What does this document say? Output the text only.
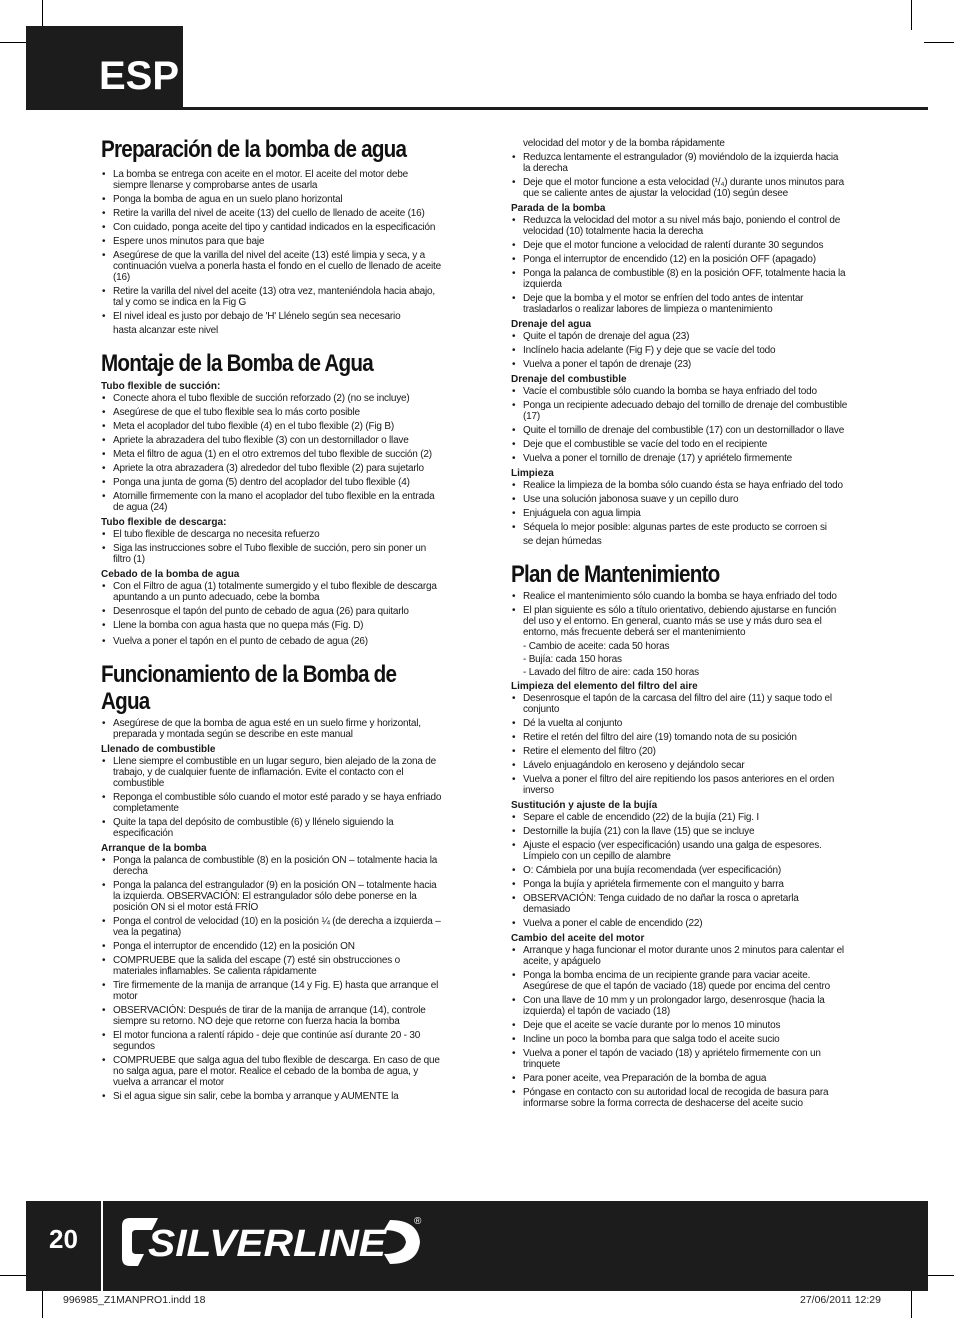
ESP
Preparación de la bomba de agua
• La bomba se entrega con aceite en el motor. El aceite del motor debe siempre llenarse y comprobarse antes de usarla
• Ponga la bomba de agua en un suelo plano horizontal
• Retire la varilla del nivel de aceite (13) del cuello de llenado de aceite (16)
• Con cuidado, ponga aceite del tipo y cantidad indicados en la especificación
• Espere unos minutos para que baje
• Asegúrese de que la varilla del nivel del aceite (13) esté limpia y seca, y a continuación vuelva a ponerla hasta el fondo en el cuello de llenado de aceite (16)
• Retire la varilla del nivel del aceite (13) otra vez, manteniéndola hacia abajo, tal y como se indica en la Fig G
• El nivel ideal es justo por debajo de 'H' Llénelo según sea necesario
hasta alcanzar este nivel
Montaje de la Bomba de Agua
Tubo flexible de succión:
• Conecte ahora el tubo flexible de succión reforzado (2) (no se incluye)
• Asegúrese de que el tubo flexible sea lo más corto posible
• Meta el acoplador del tubo flexible (4) en el tubo flexible (2) (Fig B)
• Apriete la abrazadera del tubo flexible (3) con un destornillador o llave
• Meta el filtro de agua (1) en el otro extremos del tubo flexible de succión (2)
• Apriete la otra abrazadera (3) alrededor del tubo flexible (2) para sujetarlo
• Ponga una junta de goma (5) dentro del acoplador del tubo flexible (4)
• Atornille firmemente con la mano el acoplador del tubo flexible en la entrada de agua (24)
Tubo flexible de descarga:
• El tubo flexible de descarga no necesita refuerzo
• Siga las instrucciones sobre el Tubo flexible de succión, pero sin poner un filtro (1)
Cebado de la bomba de agua
• Con el Filtro de agua (1) totalmente sumergido y el tubo flexible de descarga apuntando a un punto adecuado, cebe la bomba
• Desenrosque el tapón del punto de cebado de agua (26) para quitarlo
• Llene la bomba con agua hasta que no quepa más (Fig. D)
• Vuelva a poner el tapón en el punto de cebado de agua (26)
Funcionamiento de la Bomba de Agua
• Asegúrese de que la bomba de agua esté en un suelo firme y horizontal, preparada y montada según se describe en este manual
Llenado de combustible
• Llene siempre el combustible en un lugar seguro, bien alejado de la zona de trabajo, y de cualquier fuente de inflamación. Evite el contacto con el combustible
• Reponga el combustible sólo cuando el motor esté parado y se haya enfriado completamente
• Quite la tapa del depósito de combustible (6) y llénelo siguiendo la especificación
Arranque de la bomba
• Ponga la palanca de combustible (8) en la posición ON – totalmente hacia la derecha
• Ponga la palanca del estrangulador (9) en la posición ON – totalmente hacia la izquierda. OBSERVACIÓN: El estrangulador sólo debe ponerse en la posición ON si el motor está FRÍO
• Ponga el control de velocidad (10) en la posición ¼ (de derecha a izquierda – vea la pegatina)
• Ponga el interruptor de encendido (12) en la posición ON
• COMPRUEBE que la salida del escape (7) esté sin obstrucciones o materiales inflamables. Se calienta rápidamente
• Tire firmemente de la manija de arranque (14 y Fig. E) hasta que arranque el motor
• OBSERVACIÓN: Después de tirar de la manija de arranque (14), controle siempre su retorno. NO deje que retorne con fuerza hacia la bomba
• El motor funciona a ralentí rápido - deje que continúe así durante 20 - 30 segundos
• COMPRUEBE que salga agua del tubo flexible de descarga. En caso de que no salga agua, pare el motor. Realice el cebado de la bomba de agua, y vuelva a arrancar el motor
• Si el agua sigue sin salir, cebe la bomba y arranque y AUMENTE la
velocidad del motor y de la bomba rápidamente
• Reduzca lentamente el estrangulador (9) moviéndolo de la izquierda hacia la derecha
• Deje que el motor funcione a esta velocidad (¹/₄) durante unos minutos para que se caliente antes de ajustar la velocidad (10) según desee
Parada de la bomba
• Reduzca la velocidad del motor a su nivel más bajo, poniendo el control de velocidad (10) totalmente hacia la derecha
• Deje que el motor funcione a velocidad de ralentí durante 30 segundos
• Ponga el interruptor de encendido (12) en la posición OFF (apagado)
• Ponga la palanca de combustible (8) en la posición OFF, totalmente hacia la izquierda
• Deje que la bomba y el motor se enfríen del todo antes de intentar trasladarlos o realizar labores de limpieza o mantenimiento
Drenaje del agua
• Quite el tapón de drenaje del agua (23)
• Inclínelo hacia adelante (Fig F) y deje que se vacíe del todo
• Vuelva a poner el tapón de drenaje (23)
Drenaje del combustible
• Vacíe el combustible sólo cuando la bomba se haya enfriado del todo
• Ponga un recipiente adecuado debajo del tornillo de drenaje del combustible (17)
• Quite el tornillo de drenaje del combustible (17) con un destornillador o llave
• Deje que el combustible se vacíe del todo en el recipiente
• Vuelva a poner el tornillo de drenaje (17) y apriételo firmemente
Limpieza
• Realice la limpieza de la bomba sólo cuando ésta se haya enfriado del todo
• Use una solución jabonosa suave y un cepillo duro
• Enjuáguela con agua limpia
• Séquela lo mejor posible: algunas partes de este producto se corroen si
se dejan húmedas
Plan de Mantenimiento
• Realice el mantenimiento sólo cuando la bomba se haya enfriado del todo
• El plan siguiente es sólo a título orientativo, debiendo ajustarse en función del uso y el entorno. En general, cuanto más se use y más duro sea el entorno, más frecuente deberá ser el mantenimiento
- Cambio de aceite: cada 50 horas
- Bujía: cada 150 horas
- Lavado del filtro de aire: cada 150 horas
Limpieza del elemento del filtro del aire
• Desenrosque el tapón de la carcasa del filtro del aire (11) y saque todo el conjunto
• Dé la vuelta al conjunto
• Retire el retén del filtro del aire (19) tomando nota de su posición
• Retire el elemento del filtro (20)
• Lávelo enjuagándolo en keroseno y dejándolo secar
• Vuelva a poner el filtro del aire repitiendo los pasos anteriores en el orden inverso
Sustitución y ajuste de la bujía
• Separe el cable de encendido (22) de la bujía (21) Fig. I
• Destornille la bujía (21) con la llave (15) que se incluye
• Ajuste el espacio (ver especificación) usando una galga de espesores. Límpielo con un cepillo de alambre
• O: Cámbiela por una bujía recomendada (ver especificación)
• Ponga la bujía y apriétela firmemente con el manguito y barra
• OBSERVACIÓN: Tenga cuidado de no dañar la rosca o apretarla demasiado
• Vuelva a poner el cable de encendido (22)
Cambio del aceite del motor
• Arranque y haga funcionar el motor durante unos 2 minutos para calentar el aceite, y apáguelo
• Ponga la bomba encima de un recipiente grande para vaciar aceite. Asegúrese de que el tapón de vaciado (18) quede por encima del centro
• Con una llave de 10 mm y un prolongador largo, desenrosque (hacia la izquierda) el tapón de vaciado (18)
• Deje que el aceite se vacíe durante por lo menos 10 minutos
• Incline un poco la bomba para que salga todo el aceite sucio
• Vuelva a poner el tapón de vaciado (18) y apriételo firmemente con un trinquete
• Para poner aceite, vea Preparación de la bomba de agua
• Póngase en contacto con su autoridad local de recogida de basura para informarse sobre la forma correcta de deshacerse del aceite sucio
20	SILVERLINE
®
996985_Z1MANPRO1.indd 18	27/06/2011 12:29
